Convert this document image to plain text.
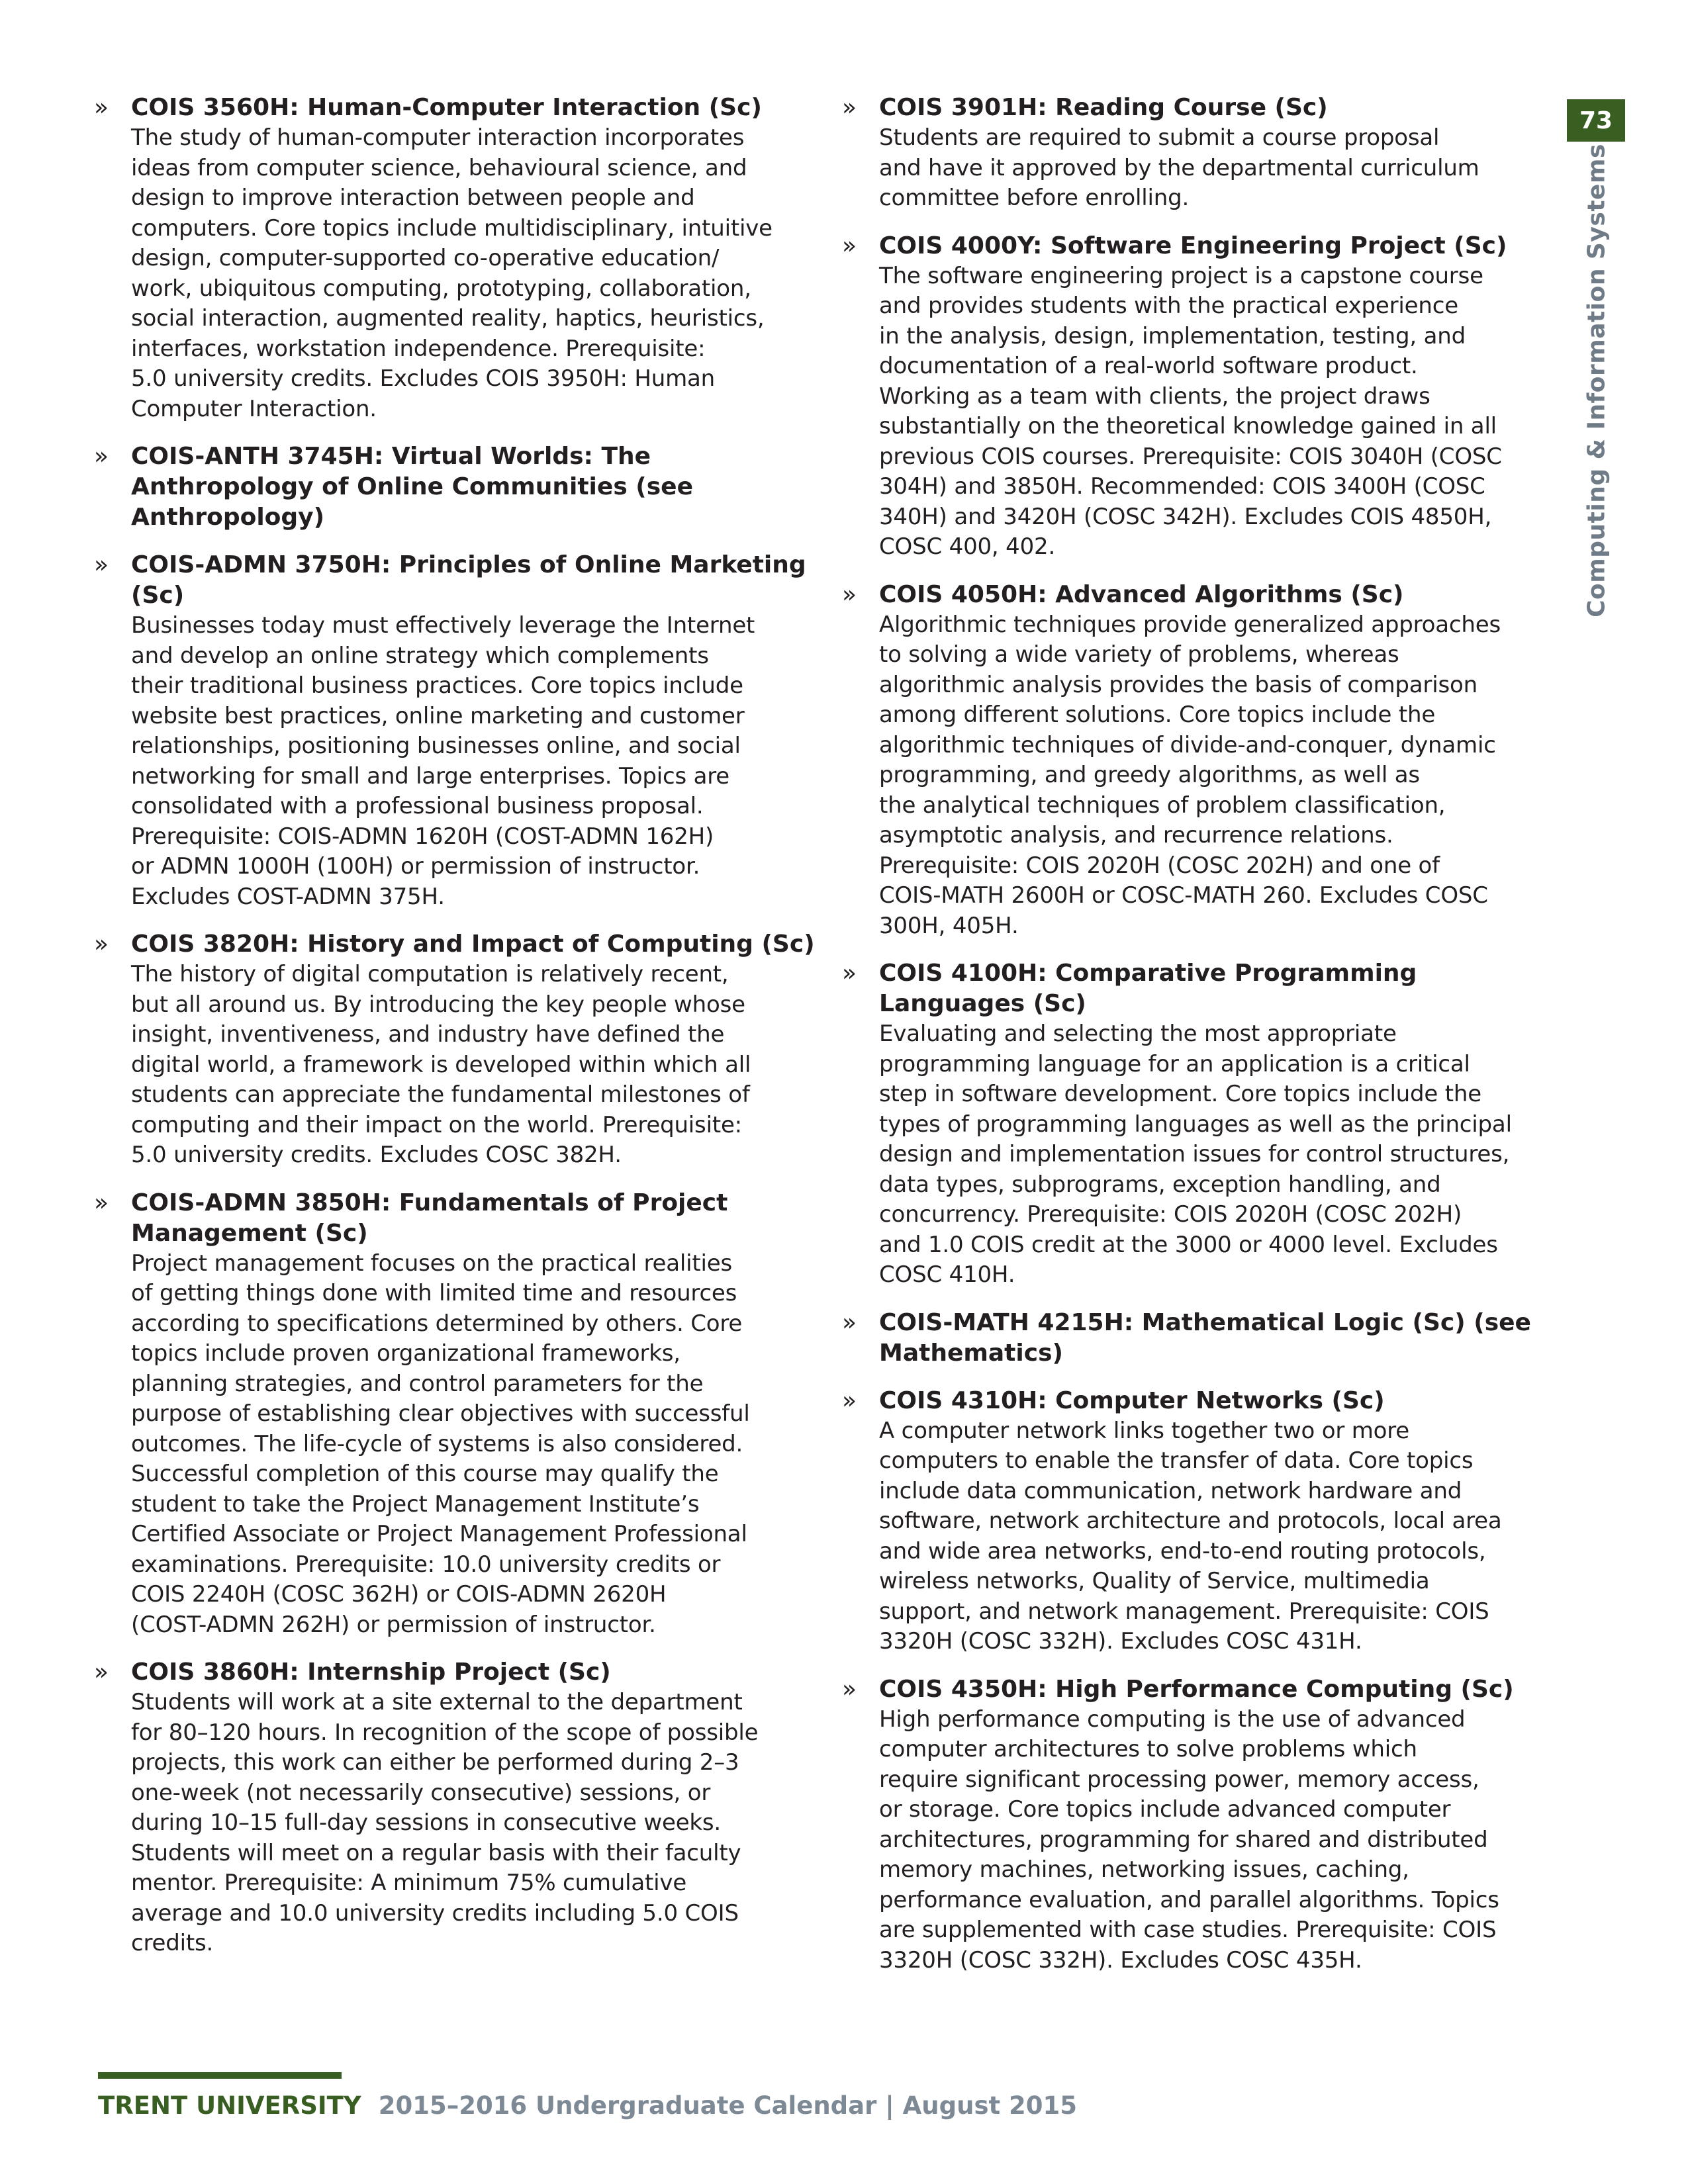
» COIS 3560H: Human-Computer Interaction (Sc)

The study of human-computer interaction incorporates
ideas from computer science, behavioural science, and
design to improve interaction between people and
computers. Core topics include multidisciplinary, intuitive
design, computer-supported co-operative education/
work, ubiquitous computing, prototyping, collaboration,
social interaction, augmented reality, haptics, heuristics,
interfaces, workstation independence. Prerequisite:
5.0 university credits. Excludes COIS 3950H: Human
Computer Interaction.

» COIS-ANTH 3745H: Virtual Worlds: The Anthropology of Online Communities (see Anthropology)

» COIS-ADMN 3750H: Principles of Online Marketing (Sc)

Businesses today must effectively leverage the Internet
and develop an online strategy which complements
their traditional business practices. Core topics include
website best practices, online marketing and customer
relationships, positioning businesses online, and social
networking for small and large enterprises. Topics are
consolidated with a professional business proposal.
Prerequisite: COIS-ADMN 1620H (COST-ADMN 162H)
or ADMN 1000H (100H) or permission of instructor.
Excludes COST-ADMN 375H.

» COIS 3820H: History and Impact of Computing (Sc)

The history of digital computation is relatively recent,
but all around us. By introducing the key people whose
insight, inventiveness, and industry have defined the
digital world, a framework is developed within which all
students can appreciate the fundamental milestones of
computing and their impact on the world. Prerequisite:
5.0 university credits. Excludes COSC 382H.

» COIS-ADMN 3850H: Fundamentals of Project Management (Sc)

Project management focuses on the practical realities
of getting things done with limited time and resources
according to specifications determined by others. Core
topics include proven organizational frameworks,
planning strategies, and control parameters for the
purpose of establishing clear objectives with successful
outcomes. The life-cycle of systems is also considered.
Successful completion of this course may qualify the
student to take the Project Management Institute’s
Certified Associate or Project Management Professional
examinations. Prerequisite: 10.0 university credits or
COIS 2240H (COSC 362H) or COIS-ADMN 2620H
(COST-ADMN 262H) or permission of instructor.

» COIS 3860H: Internship Project (Sc)

Students will work at a site external to the department
for 80–120 hours. In recognition of the scope of possible
projects, this work can either be performed during 2–3
one-week (not necessarily consecutive) sessions, or
during 10–15 full-day sessions in consecutive weeks.
Students will meet on a regular basis with their faculty
mentor. Prerequisite: A minimum 75% cumulative
average and 10.0 university credits including 5.0 COIS
credits.

» COIS 3901H: Reading Course (Sc)

Students are required to submit a course proposal
and have it approved by the departmental curriculum
committee before enrolling.

» COIS 4000Y: Software Engineering Project (Sc)

The software engineering project is a capstone course
and provides students with the practical experience
in the analysis, design, implementation, testing, and
documentation of a real-world software product.
Working as a team with clients, the project draws
substantially on the theoretical knowledge gained in all
previous COIS courses. Prerequisite: COIS 3040H (COSC
304H) and 3850H. Recommended: COIS 3400H (COSC
340H) and 3420H (COSC 342H). Excludes COIS 4850H,
COSC 400, 402.

» COIS 4050H: Advanced Algorithms (Sc)

Algorithmic techniques provide generalized approaches
to solving a wide variety of problems, whereas
algorithmic analysis provides the basis of comparison
among different solutions. Core topics include the
algorithmic techniques of divide-and-conquer, dynamic
programming, and greedy algorithms, as well as
the analytical techniques of problem classification,
asymptotic analysis, and recurrence relations.
Prerequisite: COIS 2020H (COSC 202H) and one of
COIS-MATH 2600H or COSC-MATH 260. Excludes COSC
300H, 405H.

» COIS 4100H: Comparative Programming Languages (Sc)

Evaluating and selecting the most appropriate
programming language for an application is a critical
step in software development. Core topics include the
types of programming languages as well as the principal
design and implementation issues for control structures,
data types, subprograms, exception handling, and
concurrency. Prerequisite: COIS 2020H (COSC 202H)
and 1.0 COIS credit at the 3000 or 4000 level. Excludes
COSC 410H.

» COIS-MATH 4215H: Mathematical Logic (Sc) (see Mathematics)

» COIS 4310H: Computer Networks (Sc)

A computer network links together two or more
computers to enable the transfer of data. Core topics
include data communication, network hardware and
software, network architecture and protocols, local area
and wide area networks, end-to-end routing protocols,
wireless networks, Quality of Service, multimedia
support, and network management. Prerequisite: COIS
3320H (COSC 332H). Excludes COSC 431H.

» COIS 4350H: High Performance Computing (Sc)

High performance computing is the use of advanced
computer architectures to solve problems which
require significant processing power, memory access,
or storage. Core topics include advanced computer
architectures, programming for shared and distributed
memory machines, networking issues, caching,
performance evaluation, and parallel algorithms. Topics
are supplemented with case studies. Prerequisite: COIS
3320H (COSC 332H). Excludes COSC 435H.

73
Computing & Information Systems
TRENT UNIVERSITY 2015–2016 Undergraduate Calendar | August 2015
